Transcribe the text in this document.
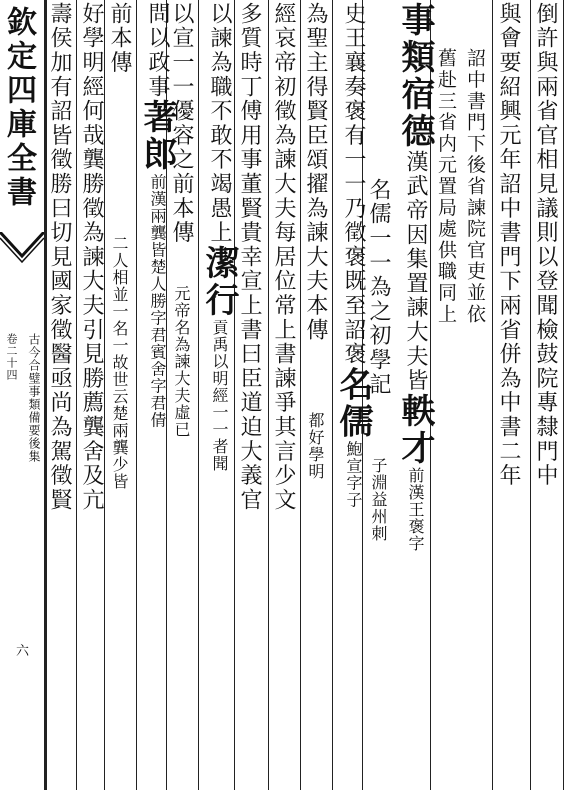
欽定四庫全書
古今合璧事類備要後集
卷二十四
六
倒許與兩省官相見議則以登聞檢鼓院專隸門中
與會要紹興元年詔中書門下兩省併為中書二年
詔中書門下後省諫院官吏並依
舊赴三省内元置局處供職同上
事類宿德漢武帝因集置諫大夫皆軼才前漢王褒字
名儒一一為之初學記子淵益州刺
史王襄奏褒有一一乃徵褒既至詔褒名儒鮑宣字子
為聖主得賢臣頌擢為諫大夫本傳都好學明
經哀帝初徵為諫大夫每居位常上書諫爭其言少文
多質時丁傅用事董賢貴幸宣上書曰臣道迫大義官
以諫為職不敢不竭愚上潔行貢禹以明經一一者聞
以宣一一優容之前本傳元帝名為諫大夫虛已
問以政事著郎前漢兩龔皆楚人勝字君賓舍字君倩
前本傳二人相並一名一故世云楚兩龔少皆
好學明經何哉龔勝徵為諫大夫引見勝薦龔舍及亢
壽侯加有詔皆徵勝曰切見國家徵醫亟尚為駕徵賢
